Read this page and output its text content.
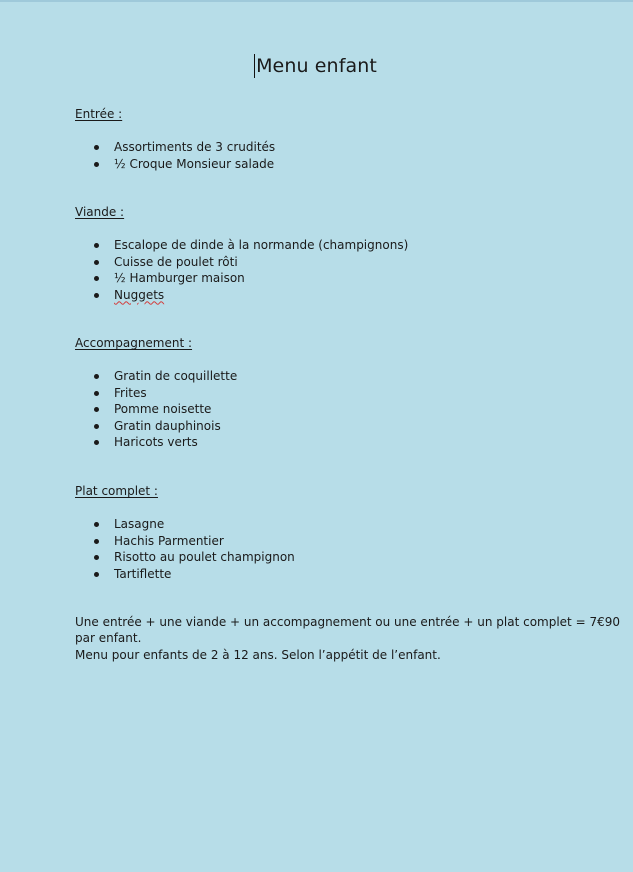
Menu enfant
Entrée :
Assortiments de 3 crudités
½ Croque Monsieur salade
Viande :
Escalope de dinde à la normande (champignons)
Cuisse de poulet rôti
½ Hamburger maison
Nuggets
Accompagnement :
Gratin de coquillette
Frites
Pomme noisette
Gratin dauphinois
Haricots verts
Plat complet :
Lasagne
Hachis Parmentier
Risotto au poulet champignon
Tartiflette
Une entrée + une viande + un accompagnement ou une entrée + un plat complet = 7€90
par enfant.
Menu pour enfants de 2 à 12 ans. Selon l’appétit de l’enfant.
